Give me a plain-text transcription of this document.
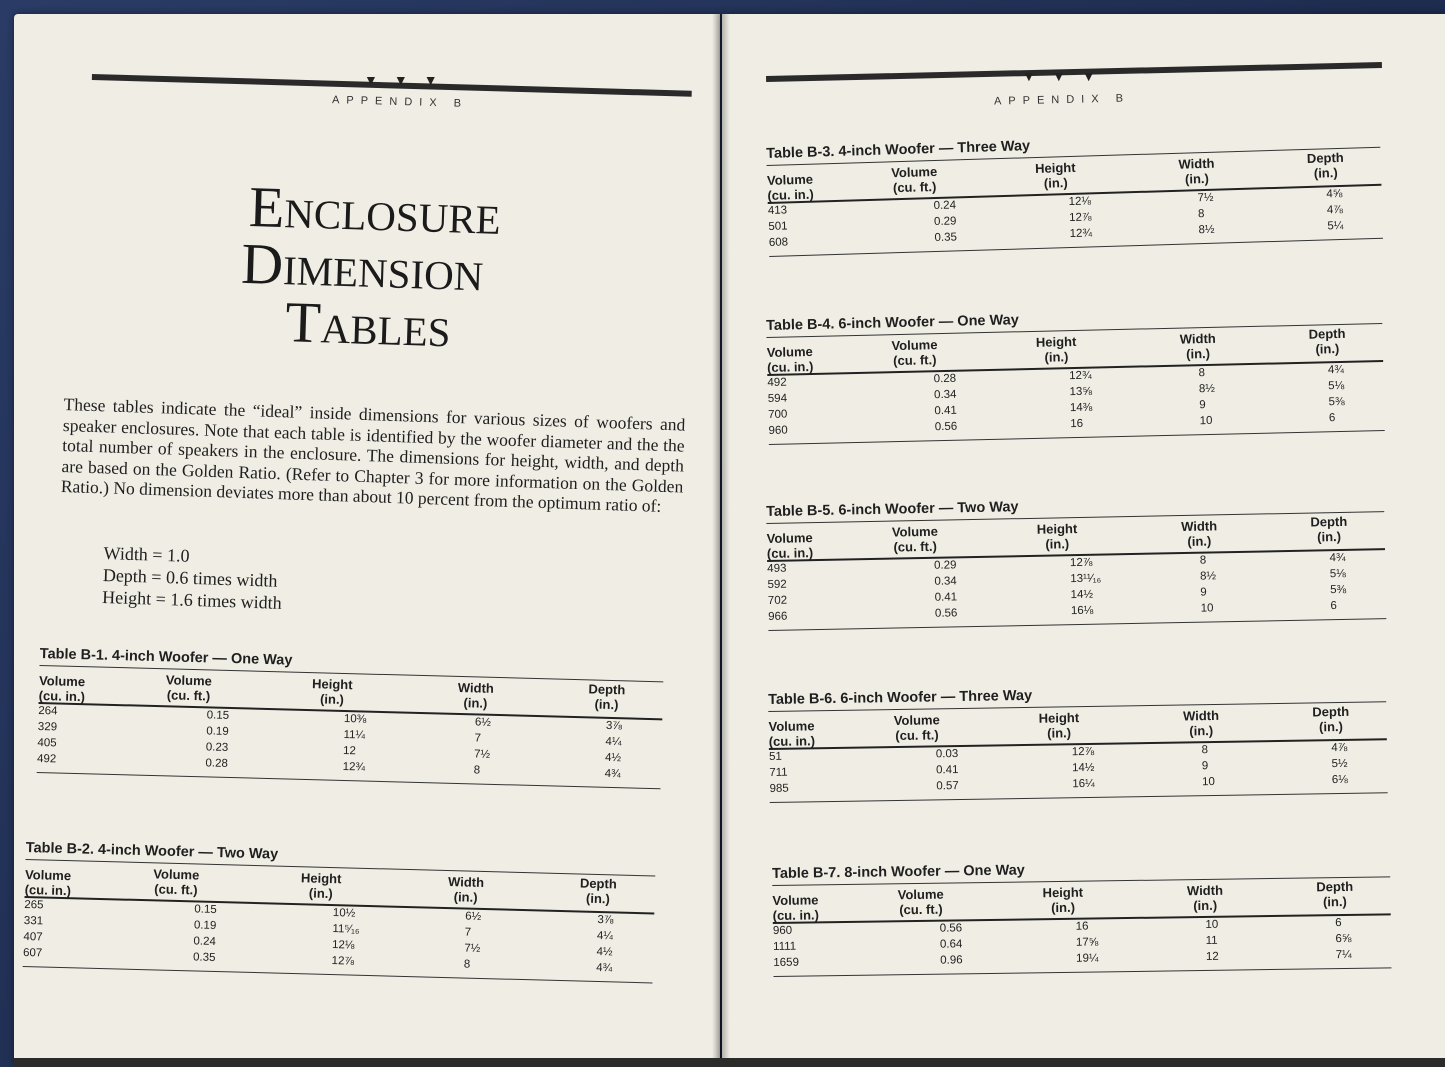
▼▼▼
APPENDIX B
Enclosure
Dimension
Tables
These tables indicate the “ideal” inside dimensions for various sizes of woofers and speaker enclosures. Note that each table is identified by the woofer diameter and the the total number of speakers in the enclosure. The dimensions for height, width, and depth are based on the Golden Ratio. (Refer to Chapter 3 for more information on the Golden Ratio.) No dimension deviates more than about 10 percent from the optimum ratio of:
Width = 1.0
Depth = 0.6 times width
Height = 1.6 times width
Table B-1. 4-inch Woofer — One Way
Volume
(cu. in.)
Volume
(cu. ft.)
Height
(in.)
Width
(in.)
Depth
(in.)
264	0.15	10⅜	6½	3⅞
329	0.19	11¼	7	4¼
405	0.23	12	7½	4½
492	0.28	12¾	8	4¾
Table B-2. 4-inch Woofer — Two Way
Volume
(cu. in.)
Volume
(cu. ft.)
Height
(in.)
Width
(in.)
Depth
(in.)
265	0.15	10½	6½	3⅞
331	0.19	11⁵⁄₁₆	7	4¼
407	0.24	12⅛	7½	4½
607	0.35	12⅞	8	4¾
▼▼▼
APPENDIX B
Table B-3. 4-inch Woofer — Three Way
Volume
(cu. in.)
Volume
(cu. ft.)
Height
(in.)
Width
(in.)
Depth
(in.)
413	0.24	12⅛	7½	4⅝
501	0.29	12⅞	8	4⅞
608	0.35	12¾	8½	5¼
Table B-4. 6-inch Woofer — One Way
Volume
(cu. in.)
Volume
(cu. ft.)
Height
(in.)
Width
(in.)
Depth
(in.)
492	0.28	12¾	8	4¾
594	0.34	13⅝	8½	5⅛
700	0.41	14⅜	9	5⅜
960	0.56	16	10	6
Table B-5. 6-inch Woofer — Two Way
Volume
(cu. in.)
Volume
(cu. ft.)
Height
(in.)
Width
(in.)
Depth
(in.)
493	0.29	12⅞	8	4¾
592	0.34	13¹¹⁄₁₆	8½	5⅛
702	0.41	14½	9	5⅜
966	0.56	16⅛	10	6
Table B-6. 6-inch Woofer — Three Way
Volume
(cu. in.)
Volume
(cu. ft.)
Height
(in.)
Width
(in.)
Depth
(in.)
51	0.03	12⅞	8	4⅞
711	0.41	14½	9	5½
985	0.57	16¼	10	6⅛
Table B-7. 8-inch Woofer — One Way
Volume
(cu. in.)
Volume
(cu. ft.)
Height
(in.)
Width
(in.)
Depth
(in.)
960	0.56	16	10	6
1111	0.64	17⅝	11	6⅝
1659	0.96	19¼	12	7¼
